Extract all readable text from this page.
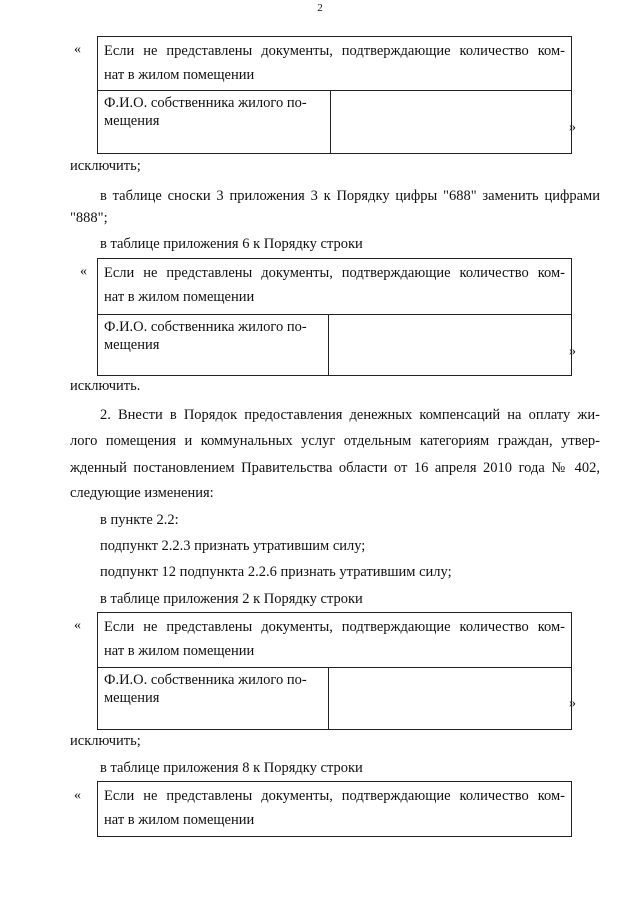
2
« Если не представлены документы, подтверждающие количество ком-
нат в жилом помещении
Ф.И.О. собственника жилого по-
мещения	»
исключить;
в таблице сноски 3 приложения 3 к Порядку цифры "688" заменить цифрами
"888";
в таблице приложения 6 к Порядку строки
« Если не представлены документы, подтверждающие количество ком-
нат в жилом помещении
Ф.И.О. собственника жилого по-
мещения	»
исключить.
2. Внести в Порядок предоставления денежных компенсаций на оплату жи-
лого помещения и коммунальных услуг отдельным категориям граждан, утвер-
жденный постановлением Правительства области от 16 апреля 2010 года № 402,
следующие изменения:
в пункте 2.2:
подпункт 2.2.3 признать утратившим силу;
подпункт 12 подпункта 2.2.6 признать утратившим силу;
в таблице приложения 2 к Порядку строки
« Если не представлены документы, подтверждающие количество ком-
нат в жилом помещении
Ф.И.О. собственника жилого по-
мещения	»
исключить;
в таблице приложения 8 к Порядку строки
« Если не представлены документы, подтверждающие количество ком-
нат в жилом помещении
